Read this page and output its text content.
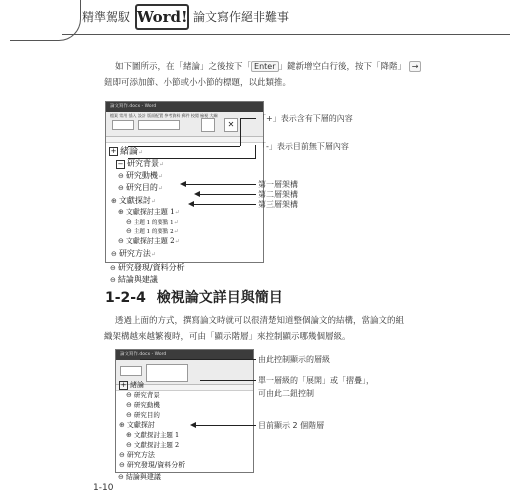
精準駕馭 Word! 論文寫作絕非難事
如下圖所示，在「緒論」之後按下「 Enter 」鍵新增空白行後，按下「降階」 →
鈕即可添加節、小節或小小節的標題，以此類推。
論文寫作.docx - Word
檔案 常用 插入 設計 版面配置 參考資料 郵件 校閱 檢視 大綱
✕
+ 緒論↵
− 研究背景↵
⊖ 研究動機↵
⊖ 研究目的↵
⊕ 文獻探討↵
⊕ 文獻探討主題 1↵
⊖ 主題 1 的要點 1↵
⊖ 主題 1 的要點 2↵
⊖ 文獻探討主題 2↵
⊖ 研究方法↵
⊖ 研究發現/資料分析
⊖ 結論與建議
「+」表示含有下層的內容
「-」表示目前無下層內容
第一層架構
第二層架構
第三層架構
1-2-4 檢視論文詳目與簡目
透過上面的方式，撰寫論文時就可以很清楚知道整個論文的結構，當論文的組
織架構越來越繁複時，可由「顯示階層」來控制顯示哪幾個層級。
論文寫作.docx - Word
+ 緒論
⊖ 研究背景
⊖ 研究動機
⊖ 研究目的
⊕ 文獻探討
⊕ 文獻探討主題 1
⊖ 文獻探討主題 2
⊖ 研究方法
⊖ 研究發現/資料分析
⊖ 結論與建議
由此控制顯示的層級
單一層級的「展開」或「摺疊」，
可由此二鈕控制
目前顯示 2 個階層
1-10
